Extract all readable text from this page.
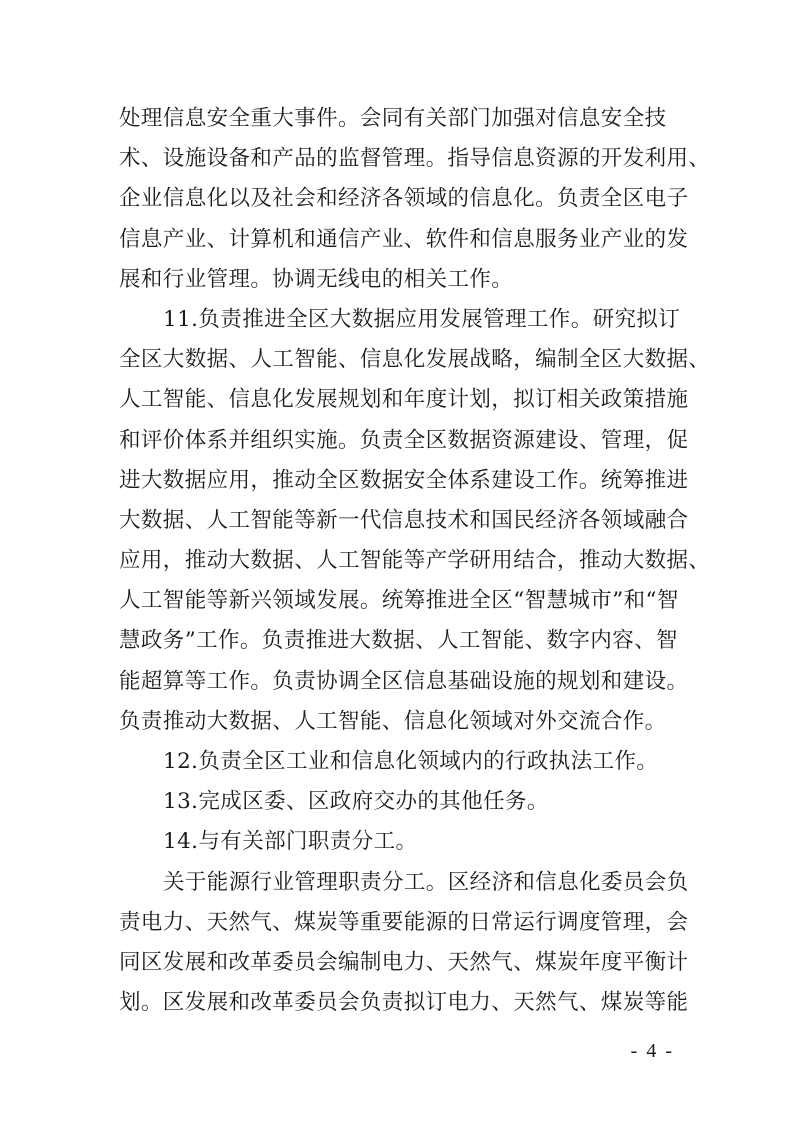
处理信息安全重大事件。会同有关部门加强对信息安全技
术、设施设备和产品的监督管理。指导信息资源的开发利用、
企业信息化以及社会和经济各领域的信息化。负责全区电子
信息产业、计算机和通信产业、软件和信息服务业产业的发
展和行业管理。协调无线电的相关工作。
11.负责推进全区大数据应用发展管理工作。研究拟订
全区大数据、人工智能、信息化发展战略，编制全区大数据、
人工智能、信息化发展规划和年度计划，拟订相关政策措施
和评价体系并组织实施。负责全区数据资源建设、管理，促
进大数据应用，推动全区数据安全体系建设工作。统筹推进
大数据、人工智能等新一代信息技术和国民经济各领域融合
应用，推动大数据、人工智能等产学研用结合，推动大数据、
人工智能等新兴领域发展。统筹推进全区“智慧城市”和“智
慧政务”工作。负责推进大数据、人工智能、数字内容、智
能超算等工作。负责协调全区信息基础设施的规划和建设。
负责推动大数据、人工智能、信息化领域对外交流合作。
12.负责全区工业和信息化领域内的行政执法工作。
13.完成区委、区政府交办的其他任务。
14.与有关部门职责分工。
关于能源行业管理职责分工。区经济和信息化委员会负
责电力、天然气、煤炭等重要能源的日常运行调度管理，会
同区发展和改革委员会编制电力、天然气、煤炭年度平衡计
划。区发展和改革委员会负责拟订电力、天然气、煤炭等能
- 4 -
